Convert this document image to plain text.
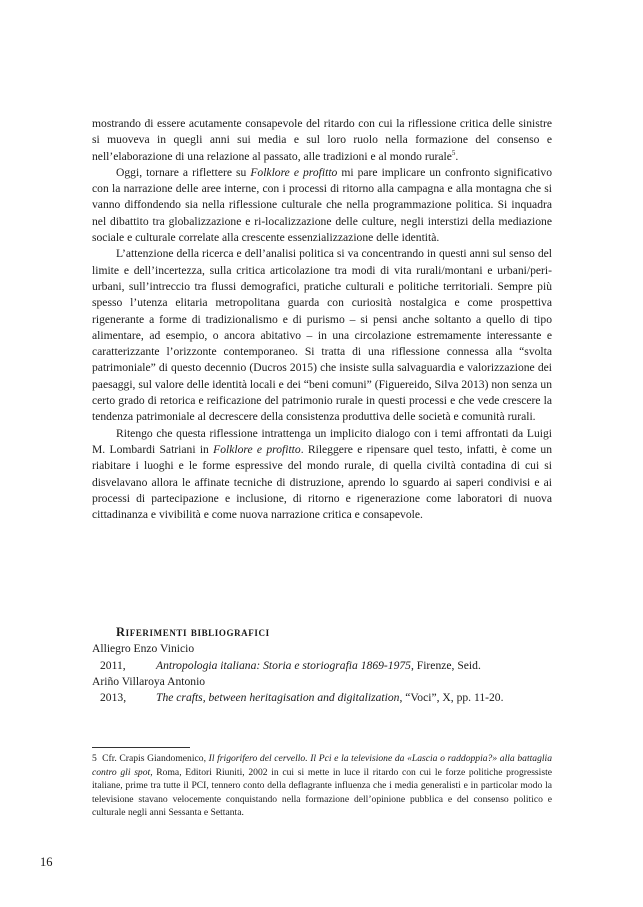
mostrando di essere acutamente consapevole del ritardo con cui la riflessione critica delle sinistre si muoveva in quegli anni sui media e sul loro ruolo nella formazione del consenso e nell’elaborazione di una relazione al passato, alle tradizioni e al mondo rurale$^5$.

Oggi, tornare a riflettere su Folklore e profitto mi pare implicare un confronto significativo con la narrazione delle aree interne, con i processi di ritorno alla campagna e alla montagna che si vanno diffondendo sia nella riflessione culturale che nella programmazione politica. Si inquadra nel dibattito tra globalizzazione e ri-localizzazione delle culture, negli interstizi della mediazione sociale e culturale correlate alla crescente essenzializzazione delle identità.

L’attenzione della ricerca e dell’analisi politica si va concentrando in questi anni sul senso del limite e dell’incertezza, sulla critica articolazione tra modi di vita rurali/montani e urbani/peri-urbani, sull’intreccio tra flussi demografici, pratiche culturali e politiche territoriali. Sempre più spesso l’utenza elitaria metropolitana guarda con curiosità nostalgica e come prospettiva rigenerante a forme di tradizionalismo e di purismo – si pensi anche soltanto a quello di tipo alimentare, ad esempio, o ancora abitativo – in una circolazione estremamente interessante e caratterizzante l’orizzonte contemporaneo. Si tratta di una riflessione connessa alla “svolta patrimoniale” di questo decennio (Ducros 2015) che insiste sulla salvaguardia e valorizzazione dei paesaggi, sul valore delle identità locali e dei “beni comuni” (Figuereido, Silva 2013) non senza un certo grado di retorica e reificazione del patrimonio rurale in questi processi e che vede crescere la tendenza patrimoniale al decrescere della consistenza produttiva delle società e comunità rurali.

Ritengo che questa riflessione intrattenga un implicito dialogo con i temi affrontati da Luigi M. Lombardi Satriani in Folklore e profitto. Rileggere e ripensare quel testo, infatti, è come un riabitare i luoghi e le forme espressive del mondo rurale, di quella civiltà contadina di cui si disvelavano allora le affinate tecniche di distruzione, aprendo lo sguardo ai saperi condivisi e ai processi di partecipazione e inclusione, di ritorno e rigenerazione come laboratori di nuova cittadinanza e vivibilità e come nuova narrazione critica e consapevole.

Riferimenti bibliografici

Alliegro Enzo Vinicio

2011,	Antropologia italiana: Storia e storiografia 1869-1975, Firenze, Seid.

Ariño Villaroya Antonio

2013,	The crafts, between heritagisation and digitalization, “Voci”, X, pp. 11-20.

5 Cfr. Crapis Giandomenico, Il frigorifero del cervello. Il Pci e la televisione da «Lascia o raddoppia?» alla battaglia contro gli spot, Roma, Editori Riuniti, 2002 in cui si mette in luce il ritardo con cui le forze politiche progressiste italiane, prime tra tutte il PCI, tennero conto della deflagrante influenza che i media generalisti e in particolar modo la televisione stavano velocemente conquistando nella formazione dell’opinione pubblica e del consenso politico e culturale negli anni Sessanta e Settanta.

16
